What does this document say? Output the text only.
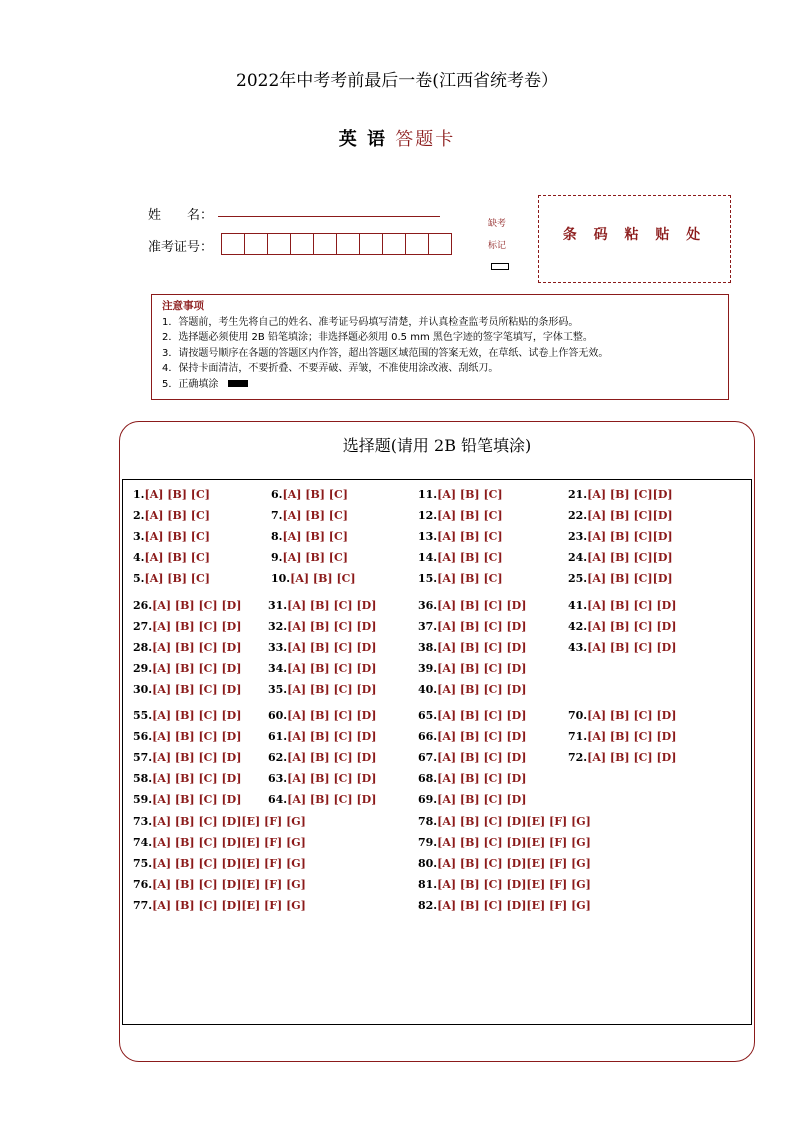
2022年中考考前最后一卷(江西省统考卷）
英 语 答题卡
姓　　名：
准考证号：
缺考
标记
条 码 粘 贴 处
注意事项
1．答题前，考生先将自己的姓名、准考证号码填写清楚，并认真检查监考员所粘贴的条形码。
2．选择题必须使用 2B 铅笔填涂；非选择题必须用 0.5 mm 黑色字迹的签字笔填写，字体工整。
3．请按题号顺序在各题的答题区内作答，超出答题区域范围的答案无效，在草纸、试卷上作答无效。
4．保持卡面清洁，不要折叠、不要弄破、弄皱，不准使用涂改液、刮纸刀。
5．正确填涂
选择题(请用 2B 铅笔填涂)
1.[A] [B] [C]
2.[A] [B] [C]
3.[A] [B] [C]
4.[A] [B] [C]
5.[A] [B] [C]
6.[A] [B] [C]
7.[A] [B] [C]
8.[A] [B] [C]
9.[A] [B] [C]
10.[A] [B] [C]
11.[A] [B] [C]
12.[A] [B] [C]
13.[A] [B] [C]
14.[A] [B] [C]
15.[A] [B] [C]
21.[A] [B] [C][D]
22.[A] [B] [C][D]
23.[A] [B] [C][D]
24.[A] [B] [C][D]
25.[A] [B] [C][D]
26.[A] [B] [C] [D]
27.[A] [B] [C] [D]
28.[A] [B] [C] [D]
29.[A] [B] [C] [D]
30.[A] [B] [C] [D]
31.[A] [B] [C] [D]
32.[A] [B] [C] [D]
33.[A] [B] [C] [D]
34.[A] [B] [C] [D]
35.[A] [B] [C] [D]
36.[A] [B] [C] [D]
37.[A] [B] [C] [D]
38.[A] [B] [C] [D]
39.[A] [B] [C] [D]
40.[A] [B] [C] [D]
41.[A] [B] [C] [D]
42.[A] [B] [C] [D]
43.[A] [B] [C] [D]
55.[A] [B] [C] [D]
56.[A] [B] [C] [D]
57.[A] [B] [C] [D]
58.[A] [B] [C] [D]
59.[A] [B] [C] [D]
60.[A] [B] [C] [D]
61.[A] [B] [C] [D]
62.[A] [B] [C] [D]
63.[A] [B] [C] [D]
64.[A] [B] [C] [D]
65.[A] [B] [C] [D]
66.[A] [B] [C] [D]
67.[A] [B] [C] [D]
68.[A] [B] [C] [D]
69.[A] [B] [C] [D]
70.[A] [B] [C] [D]
71.[A] [B] [C] [D]
72.[A] [B] [C] [D]
73.[A] [B] [C] [D][E] [F] [G]
74.[A] [B] [C] [D][E] [F] [G]
75.[A] [B] [C] [D][E] [F] [G]
76.[A] [B] [C] [D][E] [F] [G]
77.[A] [B] [C] [D][E] [F] [G]
78.[A] [B] [C] [D][E] [F] [G]
79.[A] [B] [C] [D][E] [F] [G]
80.[A] [B] [C] [D][E] [F] [G]
81.[A] [B] [C] [D][E] [F] [G]
82.[A] [B] [C] [D][E] [F] [G]
